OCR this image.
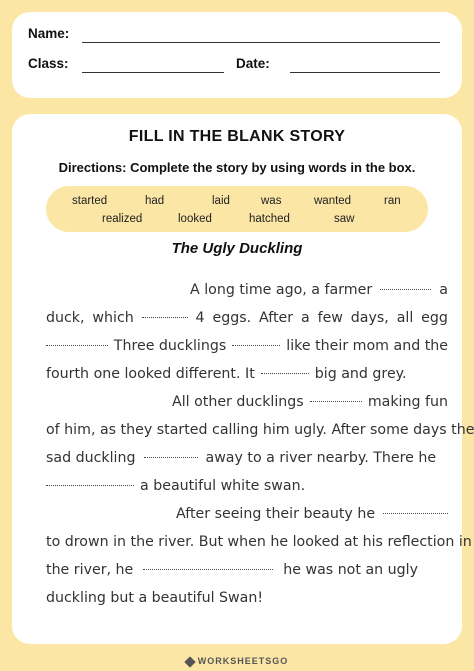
Name:
Class:	Date:
FILL IN THE BLANK STORY
Directions: Complete the story by using words in the box.
started	had	laid	was	wanted	ran
realized	looked	hatched	saw
The Ugly Duckling
A long time ago, a farmer	a
duck, which	4 eggs. After a few days, all egg
Three ducklings	like their mom and the
fourth one looked different. It	big and grey.
All other ducklings	making fun
of him, as they started calling him ugly. After some days the
sad duckling	away to a river nearby. There he
a beautiful white swan.
After seeing their beauty he
to drown in the river. But when he looked at his reflection in
the river, he	he was not an ugly
duckling but a beautiful Swan!
WORKSHEETSGO
